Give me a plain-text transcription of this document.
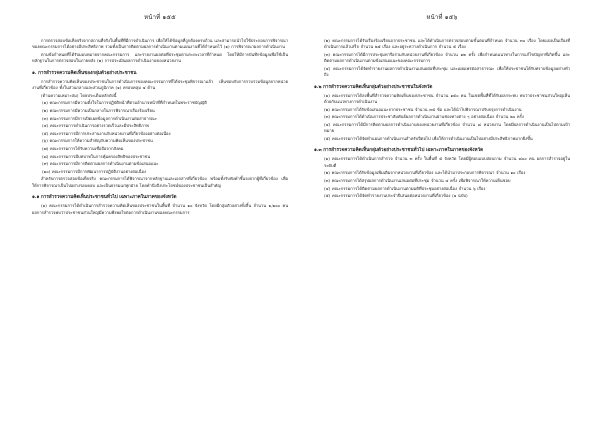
หน้าที่ ๑๕๕
การตรวจสอบข้อเท็จจริงจากสถานที่จริงในพื้นที่ที่มีการดำเนินการ เพื่อให้ได้ข้อมูลที่ถูกต้องครบถ้วน และสามารถนำไปใช้ประกอบการพิจารณาของคณะกรรมการได้อย่างมีประสิทธิภาพ รวมทั้งเป็นการติดตามผลการดำเนินงานตามแผนงานที่ได้กำหนดไว้ (๑) การพิจารณาผลการดำเนินงาน
ตามข้อกำหนดที่ได้รับมอบหมายจากคณะกรรมการ และรายงานผลต่อที่ประชุมตามระยะเวลาที่กำหนด โดยให้มีการบันทึกข้อมูลเพื่อใช้เป็นหลักฐานในการตรวจสอบในภายหลัง (๒) การประเมินผลการดำเนินงานของหน่วยงาน
๑. การสำรวจความคิดเห็นของกลุ่มตัวอย่างประชาชน
การสำรวจความคิดเห็นของประชาชนในการดำเนินการของคณะกรรมการที่ได้ประชุมพิจารณาแล้ว เห็นชอบกับการรวบรวมข้อมูลจากหน่วยงานที่เกี่ยวข้อง ทั้งในส่วนกลางและส่วนภูมิภาค (๑) ครอบคลุม ๔ ด้าน
(ด้านความเหมาะสม) โดยประเด็นหลักดังนี้
(๑) คณะกรรมการมีความตั้งใจในการปฏิบัติหน้าที่ตามอำนาจหน้าที่ที่กำหนดในพระราชบัญญัติ
(๒) คณะกรรมการมีความเป็นกลางในการพิจารณาเรื่องร้องเรียน
(๓) คณะกรรมการมีการเปิดเผยข้อมูลการดำเนินงานต่อสาธารณะ
(๔) คณะกรรมการดำเนินการอย่างรวดเร็วและมีประสิทธิภาพ
(๕) คณะกรรมการมีการประสานงานกับหน่วยงานที่เกี่ยวข้องอย่างต่อเนื่อง
(๖) คณะกรรมการให้ความสำคัญกับความคิดเห็นของประชาชน
(๗) คณะกรรมการได้รับความเชื่อถือจากสังคม
(๘) คณะกรรมการมีบทบาทในการคุ้มครองสิทธิของประชาชน
(๙) คณะกรรมการมีการติดตามผลการดำเนินงานตามข้อเสนอแนะ
(๑๐) คณะกรรมการมีการพัฒนาการปฏิบัติงานอย่างต่อเนื่อง
สำหรับการตรวจสอบข้อเท็จจริง คณะกรรมการได้พิจารณาจากหลักฐานและเอกสารที่เกี่ยวข้อง พร้อมทั้งรับฟังคำชี้แจงจากผู้ที่เกี่ยวข้อง เพื่อให้การพิจารณาเป็นไปอย่างรอบคอบ และเป็นธรรมแก่ทุกฝ่าย โดยคำนึงถึงประโยชน์ของประชาชนเป็นสำคัญ
๑.๑ การสำรวจความคิดเห็นประชาชนทั่วไป เฉพาะภาคในภาคของจังหวัด
(๑) คณะกรรมการได้ดำเนินการสำรวจความคิดเห็นของประชาชนในพื้นที่ จำนวน ๑๐ จังหวัด โดยมีกลุ่มตัวอย่างทั้งสิ้น จำนวน ๑,๒๐๐ คน ผลการสำรวจพบว่าประชาชนส่วนใหญ่มีความพึงพอใจต่อการดำเนินงานของคณะกรรมการ
หน้าที่ ๑๕๖
(๒) คณะกรรมการได้รับเรื่องร้องเรียนจากประชาชน และได้ดำเนินการตรวจสอบตามขั้นตอนที่กำหนด จำนวน ๓๐ เรื่อง โดยแบ่งเป็นเรื่องที่ดำเนินการแล้วเสร็จ จำนวน ๒๕ เรื่อง และอยู่ระหว่างดำเนินการ จำนวน ๕ เรื่อง
(๓) คณะกรรมการได้มีการประชุมหารือร่วมกับหน่วยงานที่เกี่ยวข้อง จำนวน ๑๒ ครั้ง เพื่อกำหนดแนวทางในการแก้ไขปัญหาที่เกิดขึ้น และติดตามผลการดำเนินงานตามข้อเสนอแนะของคณะกรรมการ
(๔) คณะกรรมการได้จัดทำรายงานผลการดำเนินงานเสนอต่อที่ประชุม และเผยแพร่ต่อสาธารณะ เพื่อให้ประชาชนได้รับทราบข้อมูลอย่างทั่วถึง
๑.๒ การสำรวจความคิดเห็นกลุ่มตัวอย่างประชาชนในจังหวัด
(๑) คณะกรรมการได้ลงพื้นที่สำรวจความคิดเห็นของประชาชน จำนวน ๑๕๐ คน ในเขตพื้นที่ที่ได้รับผลกระทบ พบว่าประชาชนส่วนใหญ่เห็นด้วยกับแนวทางการดำเนินงาน
(๒) คณะกรรมการได้รับข้อเสนอแนะจากประชาชน จำนวน ๓๕ ข้อ และได้นำไปพิจารณาปรับปรุงการดำเนินงาน
(๓) คณะกรรมการได้ดำเนินการประชาสัมพันธ์ผลการดำเนินงานผ่านช่องทางต่าง ๆ อย่างต่อเนื่อง จำนวน ๒๐ ครั้ง
(๔) คณะกรรมการได้มีการติดตามผลการดำเนินงานของหน่วยงานที่เกี่ยวข้อง จำนวน ๘ หน่วยงาน โดยมีผลการดำเนินงานเป็นไปตามเป้าหมาย
(๕) คณะกรรมการได้จัดทำแผนการดำเนินงานสำหรับปีต่อไป เพื่อให้การดำเนินงานเป็นไปอย่างมีประสิทธิภาพมากยิ่งขึ้น
๑.๓ การสำรวจความคิดเห็นกลุ่มตัวอย่างประชาชนทั่วไป เฉพาะภาคในภาคของจังหวัด
(๑) คณะกรรมการได้ดำเนินการสำรวจ จำนวน ๓ ครั้ง ในพื้นที่ ๕ จังหวัด โดยมีผู้ตอบแบบสอบถาม จำนวน ๘๐๐ คน ผลการสำรวจอยู่ในระดับดี
(๒) คณะกรรมการได้รับข้อมูลเพิ่มเติมจากหน่วยงานที่เกี่ยวข้อง และได้นำมาประกอบการพิจารณา จำนวน ๑๐ เรื่อง
(๓) คณะกรรมการได้สรุปผลการดำเนินงานเสนอต่อที่ประชุม จำนวน ๔ ครั้ง เพื่อพิจารณาให้ความเห็นชอบ
(๔) คณะกรรมการได้ติดตามผลการดำเนินงานตามมติที่ประชุมอย่างต่อเนื่อง จำนวน ๖ เรื่อง
(๕) คณะกรรมการได้จัดทำรายงานประจำปีเสนอต่อหน่วยงานที่เกี่ยวข้อง (๑ ฉบับ)
